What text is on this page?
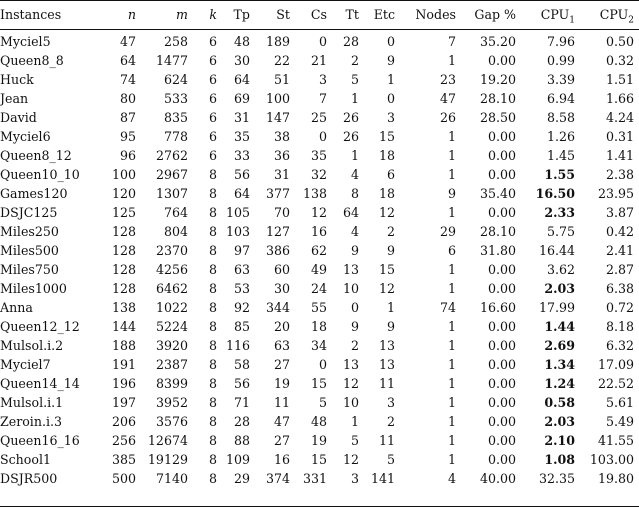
Instances	n	m	k	Tp	St	Cs	Tt	Etc	Nodes	Gap %	$CPU_1$	$CPU_2$
Myciel5	47	258	6	48	189	0	28	0	7	35.20	7.96	0.50
Queen8_8	64	1477	6	30	22	21	2	9	1	0.00	0.99	0.32
Huck	74	624	6	64	51	3	5	1	23	19.20	3.39	1.51
Jean	80	533	6	69	100	7	1	0	47	28.10	6.94	1.66
David	87	835	6	31	147	25	26	3	26	28.50	8.58	4.24
Myciel6	95	778	6	35	38	0	26	15	1	0.00	1.26	0.31
Queen8_12	96	2762	6	33	36	35	1	18	1	0.00	1.45	1.41
Queen10_10	100	2967	8	56	31	32	4	6	1	0.00	1.55	2.38
Games120	120	1307	8	64	377	138	8	18	9	35.40	16.50	23.95
DSJC125	125	764	8	105	70	12	64	12	1	0.00	2.33	3.87
Miles250	128	804	8	103	127	16	4	2	29	28.10	5.75	0.42
Miles500	128	2370	8	97	386	62	9	9	6	31.80	16.44	2.41
Miles750	128	4256	8	63	60	49	13	15	1	0.00	3.62	2.87
Miles1000	128	6462	8	53	30	24	10	12	1	0.00	2.03	6.38
Anna	138	1022	8	92	344	55	0	1	74	16.60	17.99	0.72
Queen12_12	144	5224	8	85	20	18	9	9	1	0.00	1.44	8.18
Mulsol.i.2	188	3920	8	116	63	34	2	13	1	0.00	2.69	6.32
Myciel7	191	2387	8	58	27	0	13	13	1	0.00	1.34	17.09
Queen14_14	196	8399	8	56	19	15	12	11	1	0.00	1.24	22.52
Mulsol.i.1	197	3952	8	71	11	5	10	3	1	0.00	0.58	5.61
Zeroin.i.3	206	3576	8	28	47	48	1	2	1	0.00	2.03	5.49
Queen16_16	256	12674	8	88	27	19	5	11	1	0.00	2.10	41.55
School1	385	19129	8	109	16	15	12	5	1	0.00	1.08	103.00
DSJR500	500	7140	8	29	374	331	3	141	4	40.00	32.35	19.80
